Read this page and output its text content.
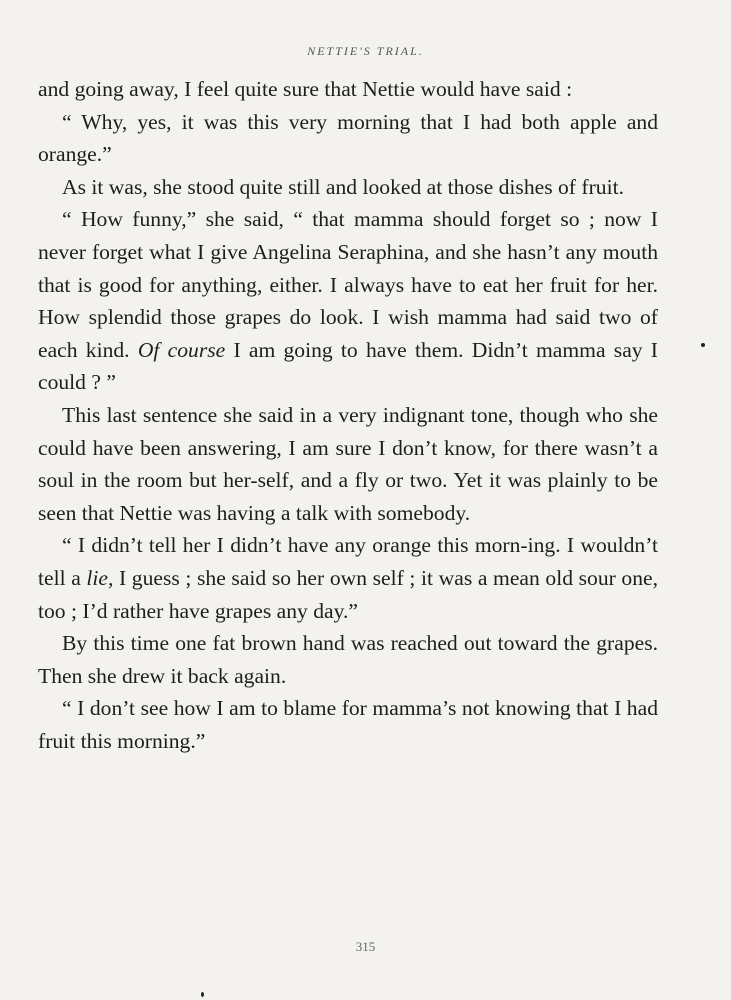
NETTIE'S TRIAL.

and going away, I feel quite sure that Nettie would have said :

“ Why, yes, it was this very morning that I had both apple and orange.”

As it was, she stood quite still and looked at those dishes of fruit.

“ How funny,” she said, “ that mamma should forget so ; now I never forget what I give Angelina Seraphina, and she hasn’t any mouth that is good for anything, either. I always have to eat her fruit for her. How splendid those grapes do look. I wish mamma had said two of each kind. Of course I am going to have them. Didn’t mamma say I could ? ”

This last sentence she said in a very indignant tone, though who she could have been answering, I am sure I don’t know, for there wasn’t a soul in the room but her-self, and a fly or two. Yet it was plainly to be seen that Nettie was having a talk with somebody.

“ I didn’t tell her I didn’t have any orange this morn-ing. I wouldn’t tell a lie, I guess ; she said so her own self ; it was a mean old sour one, too ; I’d rather have grapes any day.”

By this time one fat brown hand was reached out toward the grapes. Then she drew it back again.

“ I don’t see how I am to blame for mamma’s not knowing that I had fruit this morning.”

315
